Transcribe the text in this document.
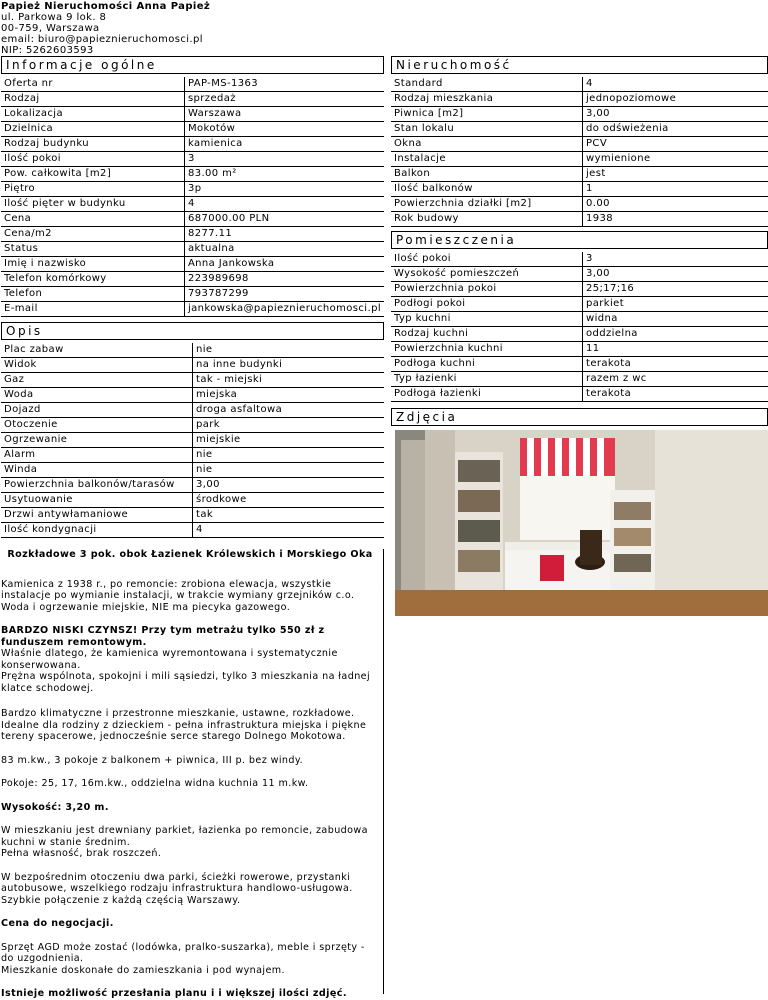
Papież Nieruchomości Anna Papież
ul. Parkowa 9 lok. 8
00-759, Warszawa
email: biuro@papieznieruchomosci.pl
NIP: 5262603593
Informacje ogólne
Oferta nr	PAP-MS-1363
Rodzaj	sprzedaż
Lokalizacja	Warszawa
Dzielnica	Mokotów
Rodzaj budynku	kamienica
Ilość pokoi	3
Pow. całkowita [m2]	83.00 m²
Piętro	3p
Ilość pięter w budynku	4
Cena	687000.00 PLN
Cena/m2	8277.11
Status	aktualna
Imię i nazwisko	Anna Jankowska
Telefon komórkowy	223989698
Telefon	793787299
E-mail	jankowska@papieznieruchomosci.pl
Opis
Plac zabaw	nie
Widok	na inne budynki
Gaz	tak - miejski
Woda	miejska
Dojazd	droga asfaltowa
Otoczenie	park
Ogrzewanie	miejskie
Alarm	nie
Winda	nie
Powierzchnia balkonów/tarasów	3,00
Usytuowanie	środkowe
Drzwi antywłamaniowe	tak
Ilość kondygnacji	4
Nieruchomość
Standard	4
Rodzaj mieszkania	jednopoziomowe
Piwnica [m2]	3,00
Stan lokalu	do odświeżenia
Okna	PCV
Instalacje	wymienione
Balkon	jest
Ilość balkonów	1
Powierzchnia działki [m2]	0.00
Rok budowy	1938
Pomieszczenia
Ilość pokoi	3
Wysokość pomieszczeń	3,00
Powierzchnia pokoi	25;17;16
Podłogi pokoi	parkiet
Typ kuchni	widna
Rodzaj kuchni	oddzielna
Powierzchnia kuchni	11
Podłoga kuchni	terakota
Typ łazienki	razem z wc
Podłoga łazienki	terakota
Zdjęcia
Rozkładowe 3 pok. obok Łazienek Królewskich i Morskiego Oka

Kamienica z 1938 r., po remoncie: zrobiona elewacja, wszystkie instalacje po wymianie instalacji, w trakcie wymiany grzejników c.o. Woda i ogrzewanie miejskie, NIE ma piecyka gazowego.

BARDZO NISKI CZYNSZ! Przy tym metrażu tylko 550 zł z funduszem remontowym.
Właśnie dlatego, że kamienica wyremontowana i systematycznie konserwowana.
Prężna wspólnota, spokojni i mili sąsiedzi, tylko 3 mieszkania na ładnej klatce schodowej.

Bardzo klimatyczne i przestronne mieszkanie, ustawne, rozkładowe. Idealne dla rodziny z dzieckiem - pełna infrastruktura miejska i piękne tereny spacerowe, jednocześnie serce starego Dolnego Mokotowa.

83 m.kw., 3 pokoje z balkonem + piwnica, III p. bez windy.

Pokoje: 25, 17, 16m.kw., oddzielna widna kuchnia 11 m.kw.

Wysokość: 3,20 m.

W mieszkaniu jest drewniany parkiet, łazienka po remoncie, zabudowa kuchni w stanie średnim.
Pełna własność, brak roszczeń.

W bezpośrednim otoczeniu dwa parki, ścieżki rowerowe, przystanki autobusowe, wszelkiego rodzaju infrastruktura handlowo-usługowa. Szybkie połączenie z każdą częścią Warszawy.

Cena do negocjacji.

Sprzęt AGD może zostać (lodówka, pralko-suszarka), meble i sprzęty - do uzgodnienia.
Mieszkanie doskonałe do zamieszkania i pod wynajem.

Istnieje możliwość przesłania planu i i większej ilości zdjęć.
